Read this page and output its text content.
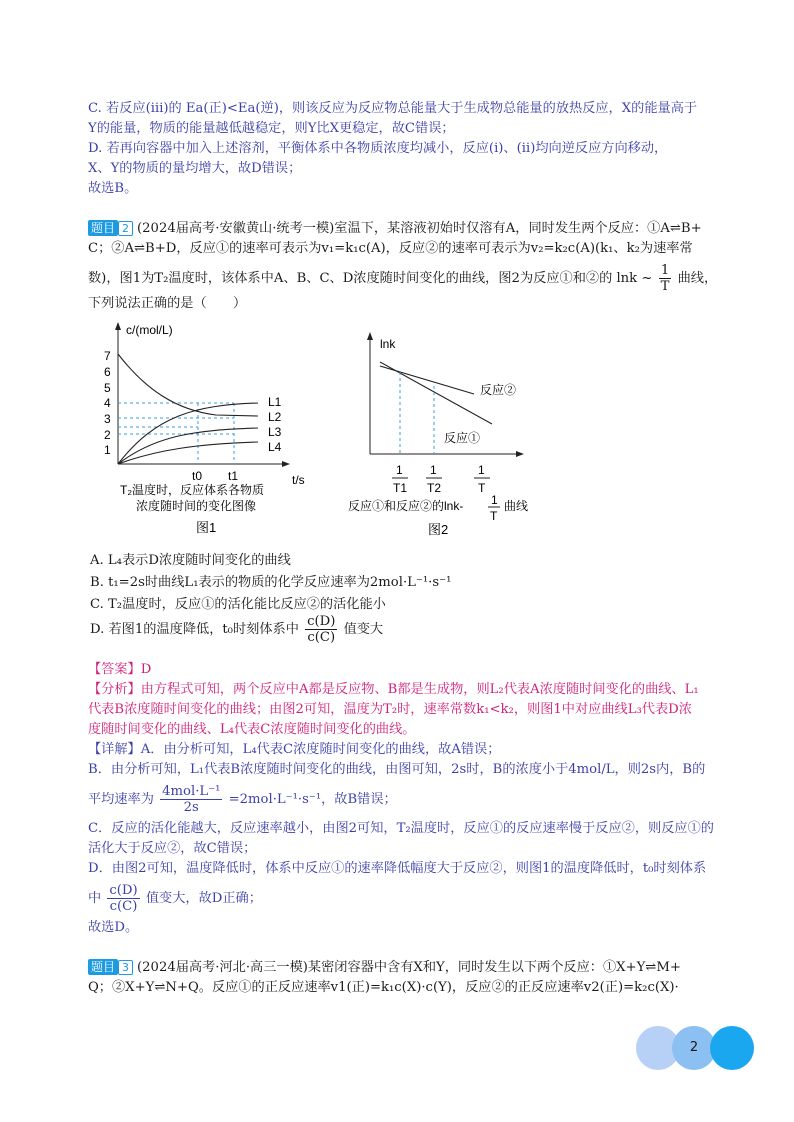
C. 若反应(ⅲ)的 Ea(正)<Ea(逆)，则该反应为反应物总能量大于生成物总能量的放热反应，X的能量高于
Y的能量，物质的能量越低越稳定，则Y比X更稳定，故C错误；
D. 若再向容器中加入上述溶剂，平衡体系中各物质浓度均减小，反应(ⅰ)、(ⅱ)均向逆反应方向移动，
X、Y的物质的量均增大，故D错误；
故选B。
题目 2 (2024届高考·安徽黄山·统考一模)室温下，某溶液初始时仅溶有A，同时发生两个反应：①A⇌B+
C；②A⇌B+D，反应①的速率可表示为v₁=k₁c(A)，反应②的速率可表示为v₂=k₂c(A)(k₁、k₂为速率常
数)，图1为T₂温度时，该体系中A、B、C、D浓度随时间变化的曲线，图2为反应①和②的 lnk ~ $\frac{1}{T}$ 曲线，
下列说法正确的是（　　）
c/(mol/L)
7
6
5
4
3
2
1
L1
L2
L3
L4
t0 t1	t/s
T₂温度时，反应体系各物质
浓度随时间的变化图像
图1
lnk
反应②
反应①
1
T1
1
T2
1
T
反应①和反应②的lnk- 1
T
曲线
图2
A. L₄表示D浓度随时间变化的曲线
B. t₁=2s时曲线L₁表示的物质的化学反应速率为2mol·L⁻¹·s⁻¹
C. T₂温度时，反应①的活化能比反应②的活化能小
D. 若图1的温度降低，t₀时刻体系中 $\frac{c(D)}{c(C)}$ 值变大
【答案】D
【分析】由方程式可知，两个反应中A都是反应物、B都是生成物，则L₂代表A浓度随时间变化的曲线、L₁
代表B浓度随时间变化的曲线；由图2可知，温度为T₂时，速率常数k₁<k₂，则图1中对应曲线L₃代表D浓
度随时间变化的曲线、L₄代表C浓度随时间变化的曲线。
【详解】A．由分析可知，L₄代表C浓度随时间变化的曲线，故A错误；
B．由分析可知，L₁代表B浓度随时间变化的曲线，由图可知，2s时，B的浓度小于4mol/L，则2s内，B的
平均速率为 $\frac{\text{4mol·L⁻¹}}{2s} =2mol\cdot L^{-1}\cdot s^{-1}$，故B错误；
C．反应的活化能越大，反应速率越小，由图2可知，T₂温度时，反应①的反应速率慢于反应②，则反应①的
活化大于反应②，故C错误；
D．由图2可知，温度降低时，体系中反应①的速率降低幅度大于反应②，则图1的温度降低时，t₀时刻体系
中 $\frac{c(D)}{c(C)}$ 值变大，故D正确；
故选D。
题目 3 (2024届高考·河北·高三一模)某密闭容器中含有X和Y，同时发生以下两个反应：①X+Y⇌M+
Q；②X+Y⇌N+Q。反应①的正反应速率v1(正)=k₁c(X)·c(Y)，反应②的正反应速率v2(正)=k₂c(X)·
2
